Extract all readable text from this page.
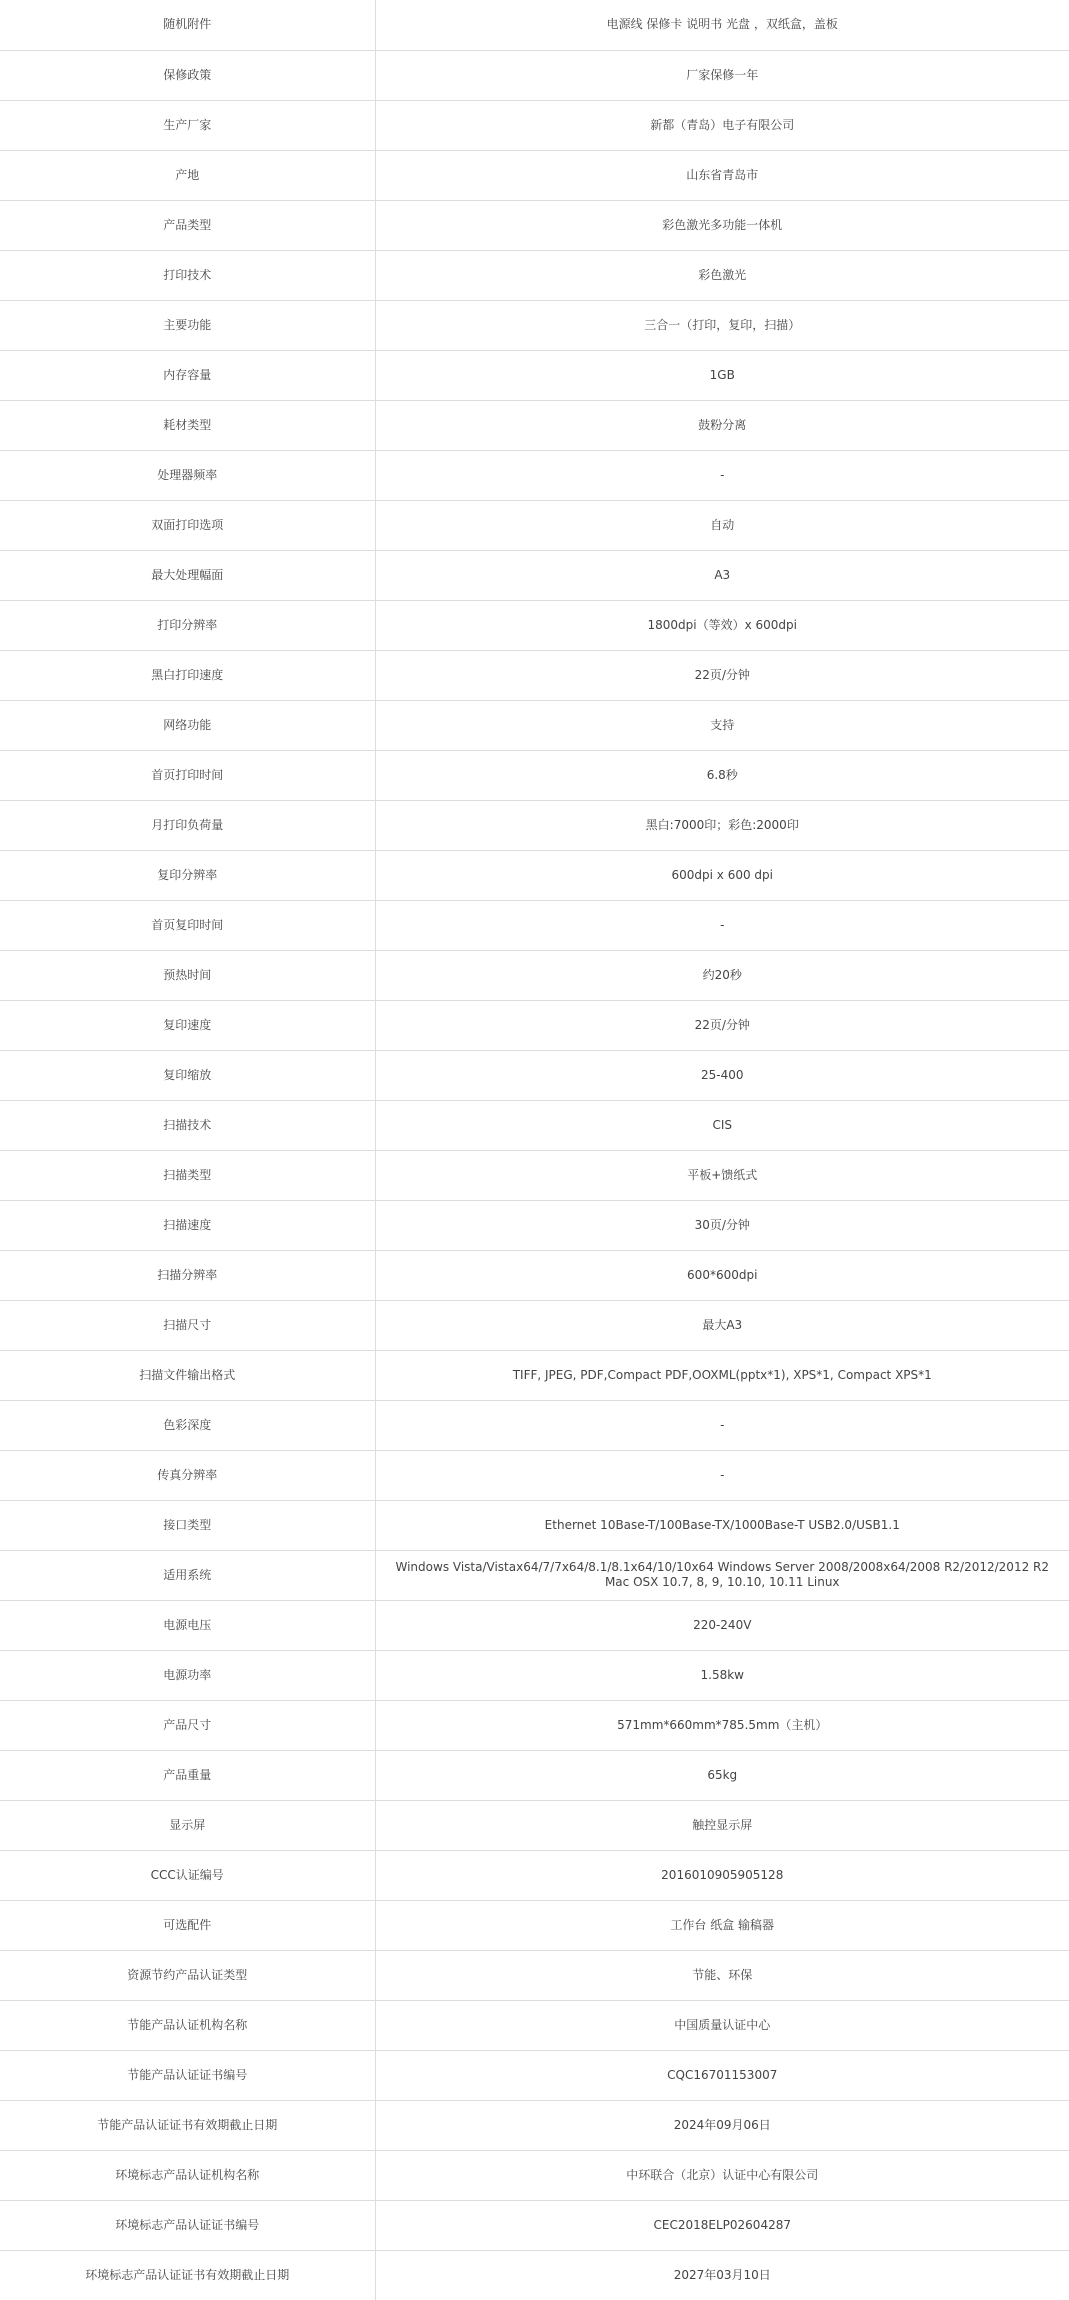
随机附件	电源线 保修卡 说明书 光盘 ，双纸盒，盖板
保修政策	厂家保修一年
生产厂家	新都（青岛）电子有限公司
产地	山东省青岛市
产品类型	彩色激光多功能一体机
打印技术	彩色激光
主要功能	三合一（打印，复印，扫描）
内存容量	1GB
耗材类型	鼓粉分离
处理器频率	-
双面打印选项	自动
最大处理幅面	A3
打印分辨率	1800dpi（等效）x 600dpi
黑白打印速度	22页/分钟
网络功能	支持
首页打印时间	6.8秒
月打印负荷量	黑白:7000印；彩色:2000印
复印分辨率	600dpi x 600 dpi
首页复印时间	-
预热时间	约20秒
复印速度	22页/分钟
复印缩放	25-400
扫描技术	CIS
扫描类型	平板+馈纸式
扫描速度	30页/分钟
扫描分辨率	600*600dpi
扫描尺寸	最大A3
扫描文件输出格式	TIFF, JPEG, PDF,Compact PDF,OOXML(pptx*1), XPS*1, Compact XPS*1
色彩深度	-
传真分辨率	-
接口类型	Ethernet 10Base-T/100Base-TX/1000Base-T USB2.0/USB1.1
适用系统	Windows Vista/Vistax64/7/7x64/8.1/8.1x64/10/10x64 Windows Server 2008/2008x64/2008 R2/2012/2012 R2 Mac OSX 10.7, 8, 9, 10.10, 10.11 Linux
电源电压	220-240V
电源功率	1.58kw
产品尺寸	571mm*660mm*785.5mm（主机）
产品重量	65kg
显示屏	触控显示屏
CCC认证编号	2016010905905128
可选配件	工作台 纸盒 输稿器
资源节约产品认证类型	节能、环保
节能产品认证机构名称	中国质量认证中心
节能产品认证证书编号	CQC16701153007
节能产品认证证书有效期截止日期	2024年09月06日
环境标志产品认证机构名称	中环联合（北京）认证中心有限公司
环境标志产品认证证书编号	CEC2018ELP02604287
环境标志产品认证证书有效期截止日期	2027年03月10日
